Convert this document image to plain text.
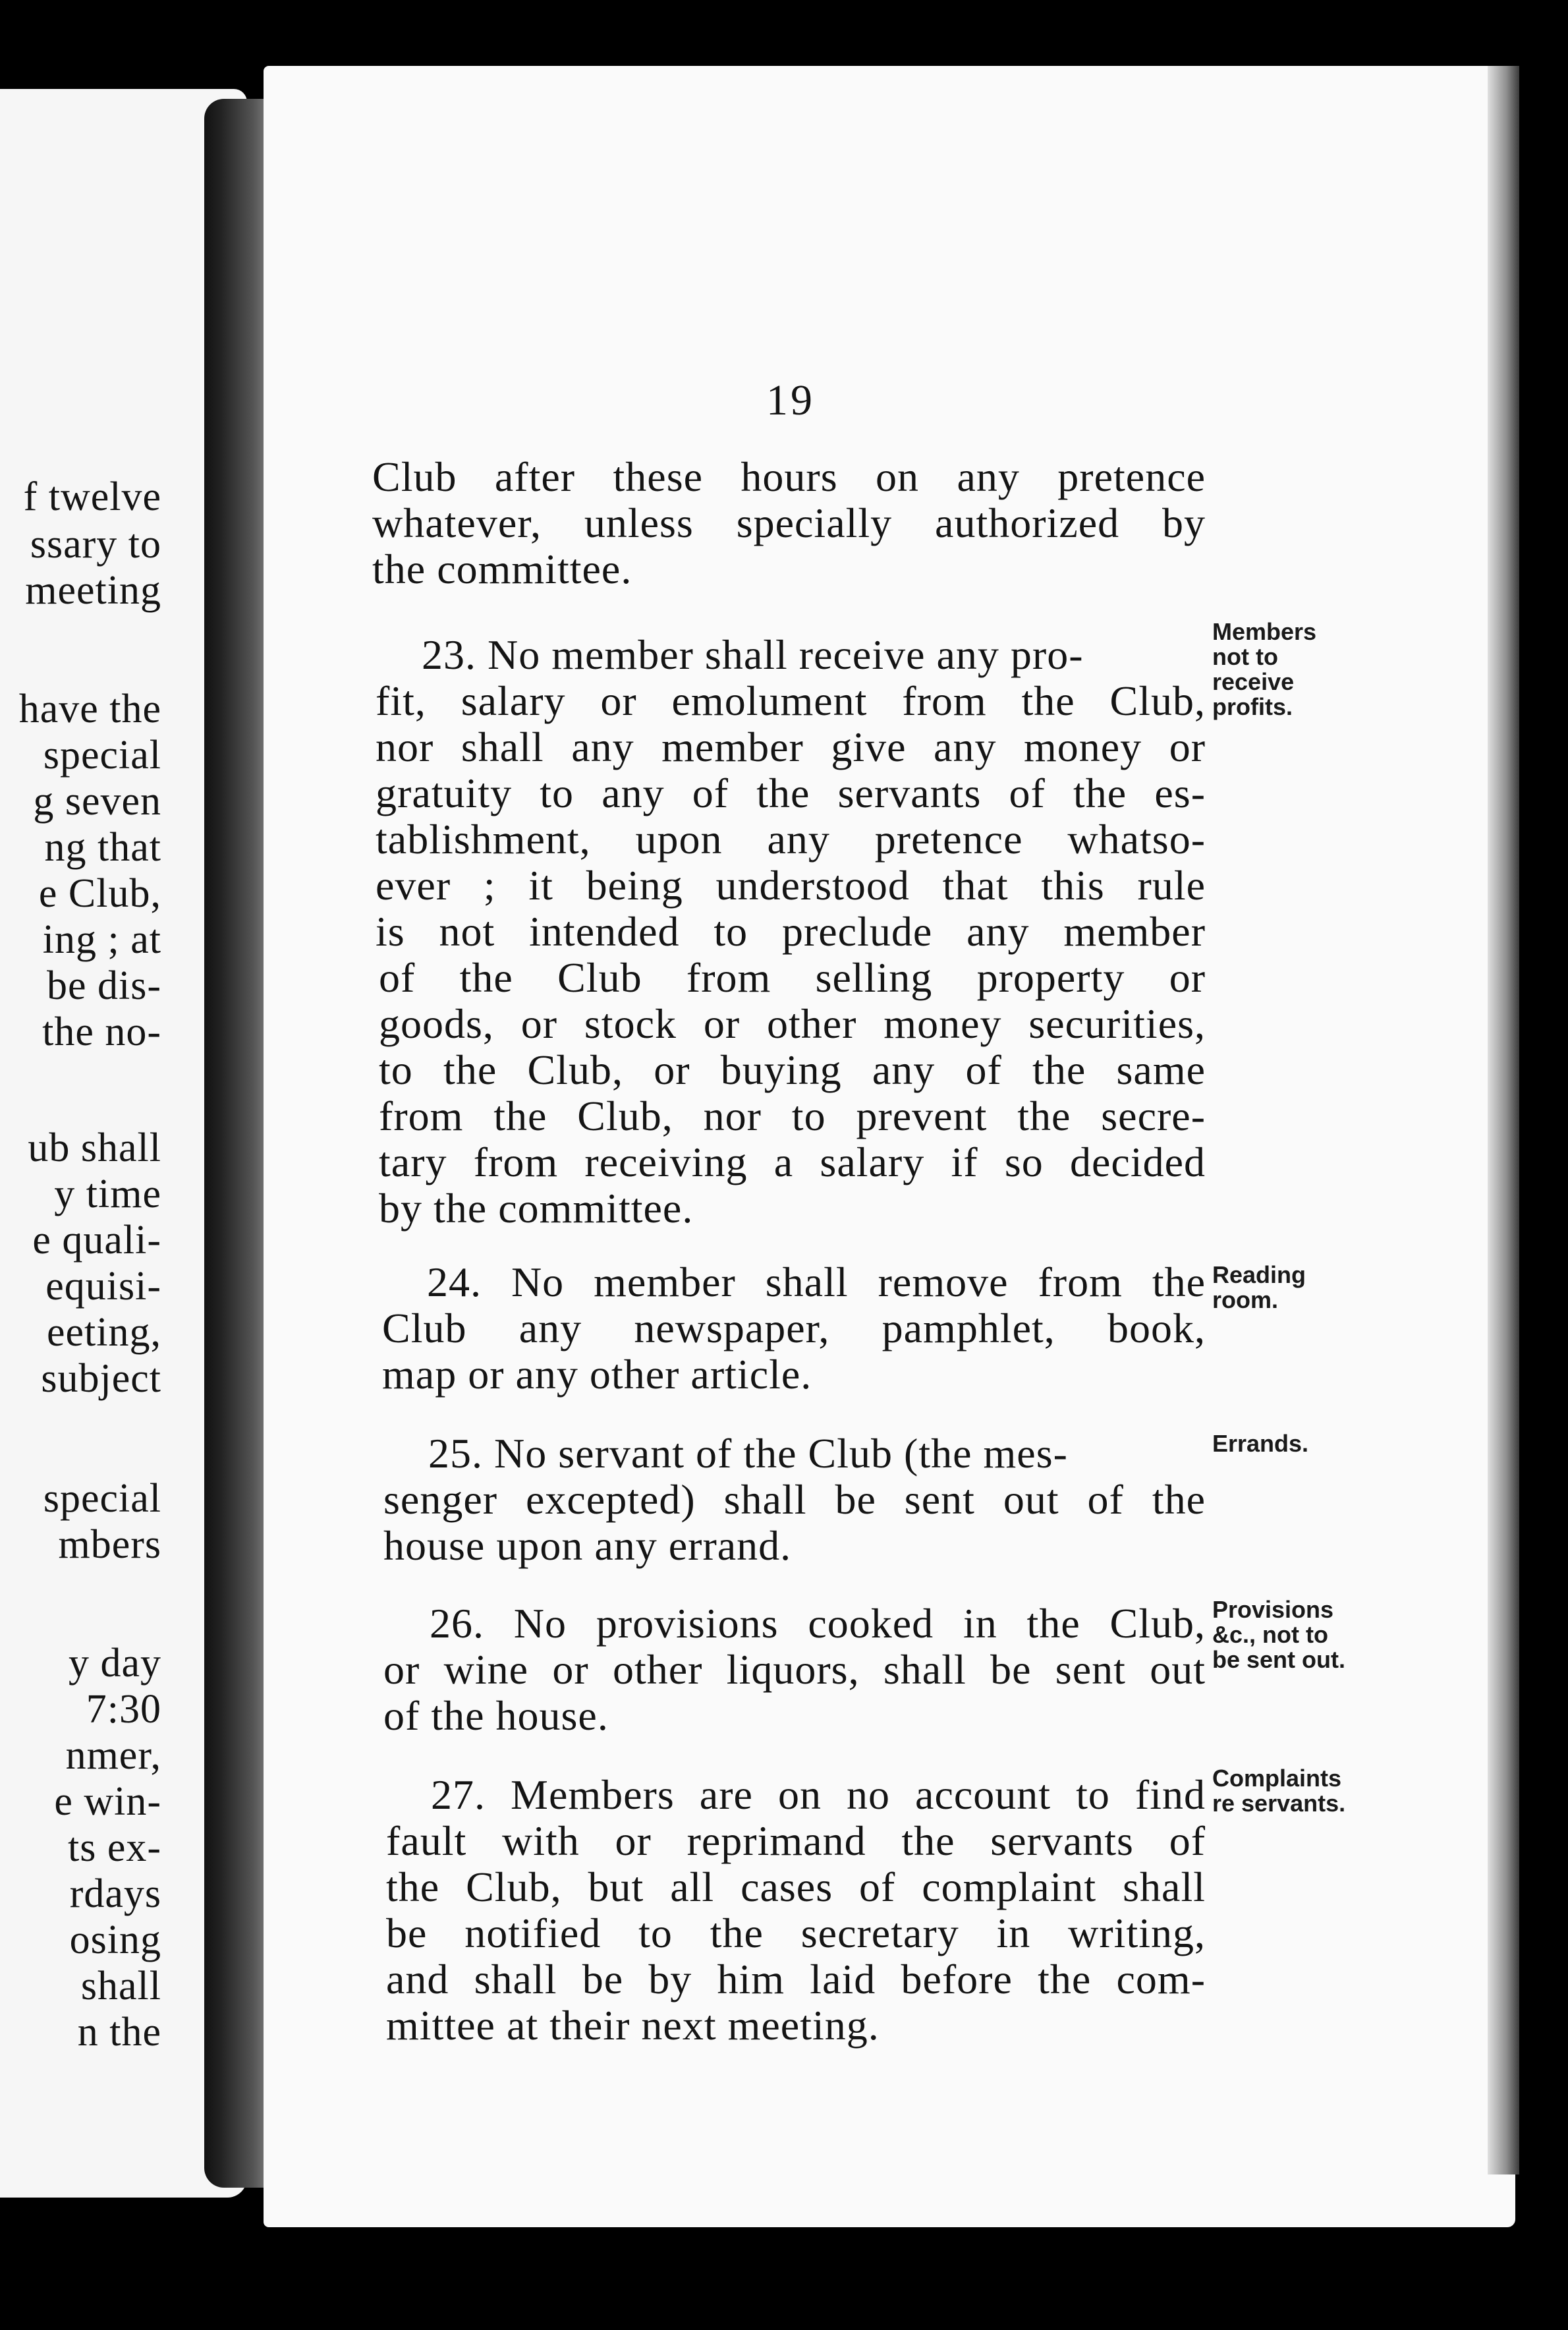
f twelve
ssary to
meeting
have the
special
g seven
ng that
e Club,
ing ; at
be dis-
the no-
ub shall
y time
e quali-
equisi-
eeting,
subject
special
mbers
y day
7:30
nmer,
e win-
ts ex-
rdays
osing
shall
n the
19
Club after these hours on any pretence
whatever, unless specially authorized by
the committee.
23. No member shall receive any pro-
fit, salary or emolument from the Club,
nor shall any member give any money or
gratuity to any of the servants of the es-
tablishment, upon any pretence whatso-
ever ; it being understood that this rule
is not intended to preclude any member
of the Club from selling property or
goods, or stock or other money securities,
to the Club, or buying any of the same
from the Club, nor to prevent the secre-
tary from receiving a salary if so decided
by the committee.
24. No member shall remove from the
Club any newspaper, pamphlet, book,
map or any other article.
25. No servant of the Club (the mes-
senger excepted) shall be sent out of the
house upon any errand.
26. No provisions cooked in the Club,
or wine or other liquors, shall be sent out
of the house.
27. Members are on no account to find
fault with or reprimand the servants of
the Club, but all cases of complaint shall
be notified to the secretary in writing,
and shall be by him laid before the com-
mittee at their next meeting.
Members
not to
receive
profits.
Reading
room.
Errands.
Provisions
&c., not to
be sent out.
Complaints
re servants.
